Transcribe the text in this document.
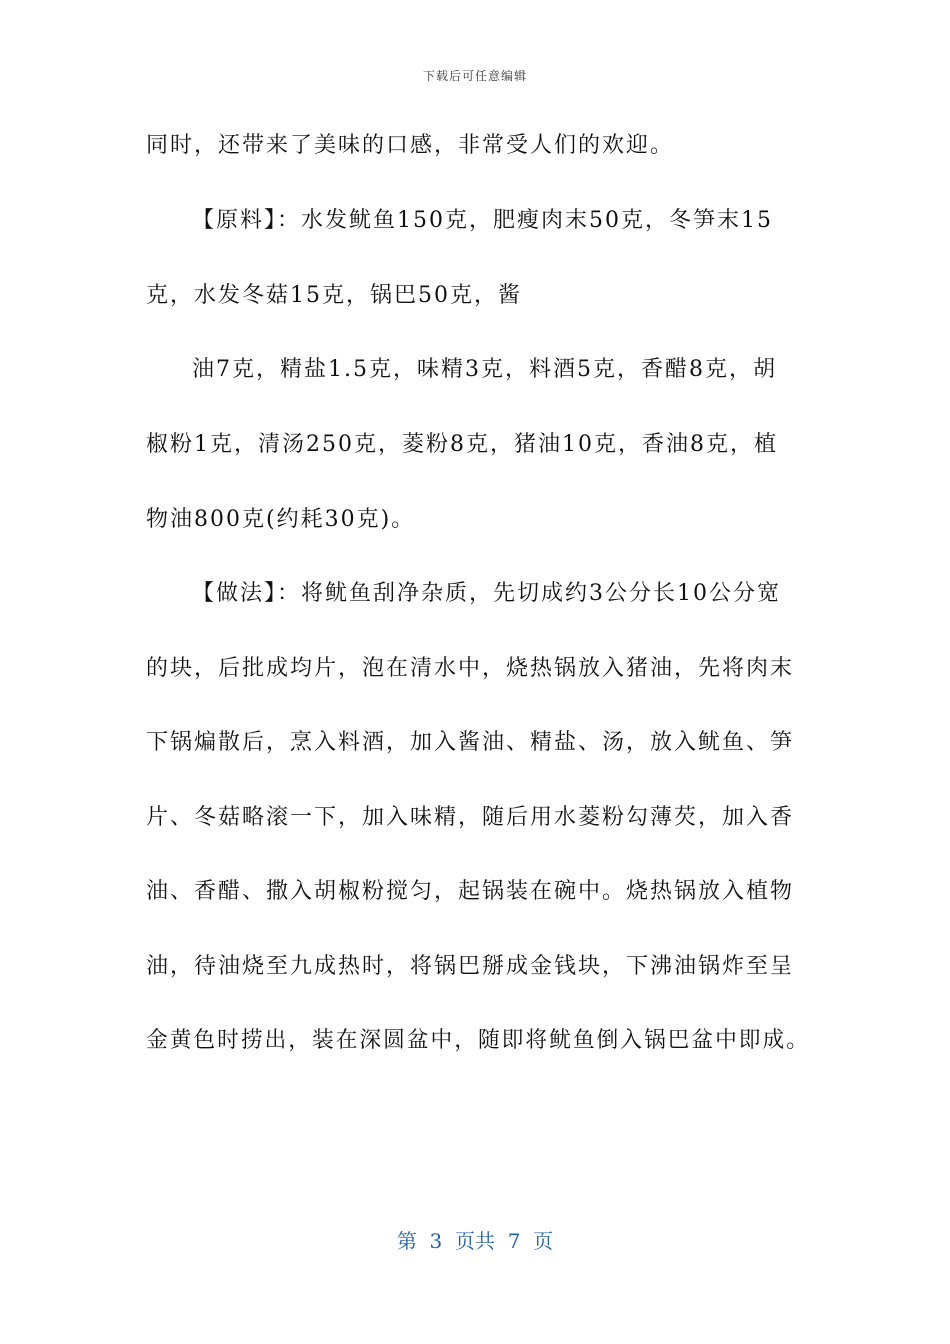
下载后可任意编辑
同时，还带来了美味的口感，非常受人们的欢迎。
【原料】：水发鱿鱼150克，肥瘦肉末50克，冬笋末15
克，水发冬菇15克，锅巴50克，酱
油7克，精盐1.5克，味精3克，料酒5克，香醋8克，胡
椒粉1克，清汤250克，菱粉8克，猪油10克，香油8克，植
物油800克(约耗30克)。
【做法】：将鱿鱼刮净杂质，先切成约3公分长10公分宽
的块，后批成均片，泡在清水中，烧热锅放入猪油，先将肉末
下锅煸散后，烹入料酒，加入酱油、精盐、汤，放入鱿鱼、笋
片、冬菇略滚一下，加入味精，随后用水菱粉勾薄芡，加入香
油、香醋、撒入胡椒粉搅匀，起锅装在碗中。烧热锅放入植物
油，待油烧至九成热时，将锅巴掰成金钱块，下沸油锅炸至呈
金黄色时捞出，装在深圆盆中，随即将鱿鱼倒入锅巴盆中即成。
第  3  页共  7  页
